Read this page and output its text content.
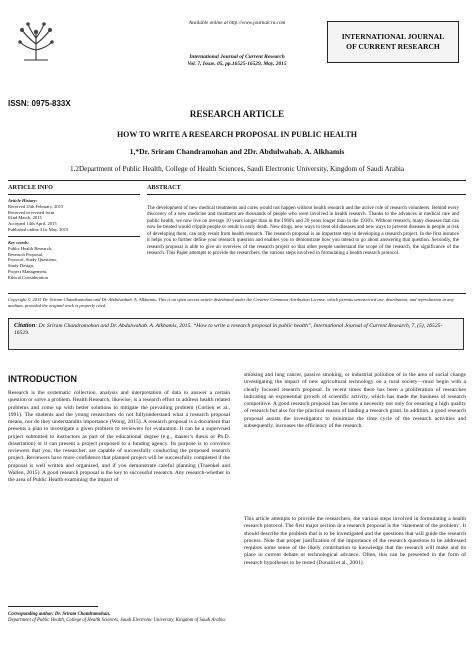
Available online at http://www.journalcra.com
INTERNATIONAL JOURNAL
OF CURRENT RESEARCH
International Journal of Current Research
Vol. 7, Issue, 05, pp.16525-16529, May, 2015
ISSN: 0975-833X
RESEARCH ARTICLE
HOW TO WRITE A RESEARCH PROPOSAL IN PUBLIC HEALTH
1,*Dr. Sriram Chandramohan and 2Dr. Abdulwahab. A. Alkhamis
1,2Department of Public Health, College of Health Sciences, Saudi Electronic University, Kingdom of Saudi Arabia
ARTICLE INFO	ABSTRACT
Article History:
Received 25th February, 2015
Received in revised form
02nd March, 2015
Accepted 14th April, 2015
Published online 31st May, 2015
Key words:
Public Health Research,
Research Proposal,
Protocol, Study Questions,
Study Design,
Project Management,
Ethical Consideration
The development of new medical treatments and cures would not happen without health research and the active role of research volunteers. Behind every discovery of a new medicine and treatment are thousands of people who were involved in health research. Thanks to the advances in medical care and public health, we now live on average 10 years longer than in the 1960's and 20 years longer than in the 1930's. Without research, many diseases that can now be treated would cripple people or result in early death. New drugs, new ways to treat old diseases and new ways to prevent diseases in people at risk of developing them, can only result from health research. The research proposal is an important step in developing a research project. In the first instance it helps you to further define your research question and enables you to demonstrate how you intend to go about answering that question. Secondly, the research proposal is able to give an overview of the research project so that other people understand the scope of the research, the significance of the research. This Paper attempts to provide the researchers, the various steps involved in formulating a health research protocol.
Copyright © 2015 Dr. Sriram Chandramohan and Dr. Abdulwahab. A. Alkhamis. This is an open access article distributed under the Creative Commons Attribution License, which permits unrestricted use, distribution, and reproduction in any medium, provided the original work is properly cited.
Citation: Dr. Sriram Chandramohan and Dr. Abdulwahab. A. Alkhamis, 2015. “How to write a research proposal in public health”, International Journal of Current Research, 7, (5), 16525-16529.
INTRODUCTION
Research is the systematic collection, analysis and interpretation of data to answer a certain question or solve a problem. Health Research, likewise, is a research effort to address health related problems and come up with better solutions to mitigate the prevailing problem (Corlien et al., 1991). The students and the young researchers do not fullyunderstand what a research proposal means, nor do they understandits importance (Wong, 2015). A research proposal is a document that presents a plan to investigate a given problem to reviewers for evaluation. It can be a supervised project submitted to instructors as part of the educational degree (e.g., master’s thesis or Ph.D. dissertation) or it can present a project proposed to a funding agency. Its purpose is to convince reviewers that you, the researcher, are capable of successfully conducting the proposed research project. Reviewers have more confidence that planned project will be successfully completed if the proposal is well written and organized, and if you demonstrate careful planning (Traenkel and Wallen, 2015). A good research proposal is the key to successful research. Any research-whether in the area of Public Health examining the impact of
smoking and lung cancer, passive smoking, or industrial pollution of in the area of social change investigating the impact of new agricultural technology on a rural society—must begin with a clearly focused research proposal. In recent times there has been a proliferation of researches indicating an exponential growth of scientific activity, which has made the business of research competitive. A good research proposal has become a necessity not only for ensuring a high quality of research but also for the practical reason of landing a research grant. In addition, a good research proposal assists the investigators to minimize the time cycle of the research activities and subsequently, increases the efficiency of the research.
This article attempts to provide the researchers, the various steps involved in formulating a health research protocol. The first major section in a research proposal is the ‘statement of the problem’. It should describe the problem that is to be investigated and the questions that will guide the research process. Note that proper justification of the importance of the research questions to be addressed requires some sense of the likely contribution to knowledge that the research will make and its place in current debate or technological advance. Often, this can be presented in the form of research hypotheses to be tested (Donald et al., 2001).
Corresponding author: Dr. Sriram Chandramohan,
Department of Public Health, College of Health Sciences, Saudi Electronic University, Kingdom of Saudi Arabia.
